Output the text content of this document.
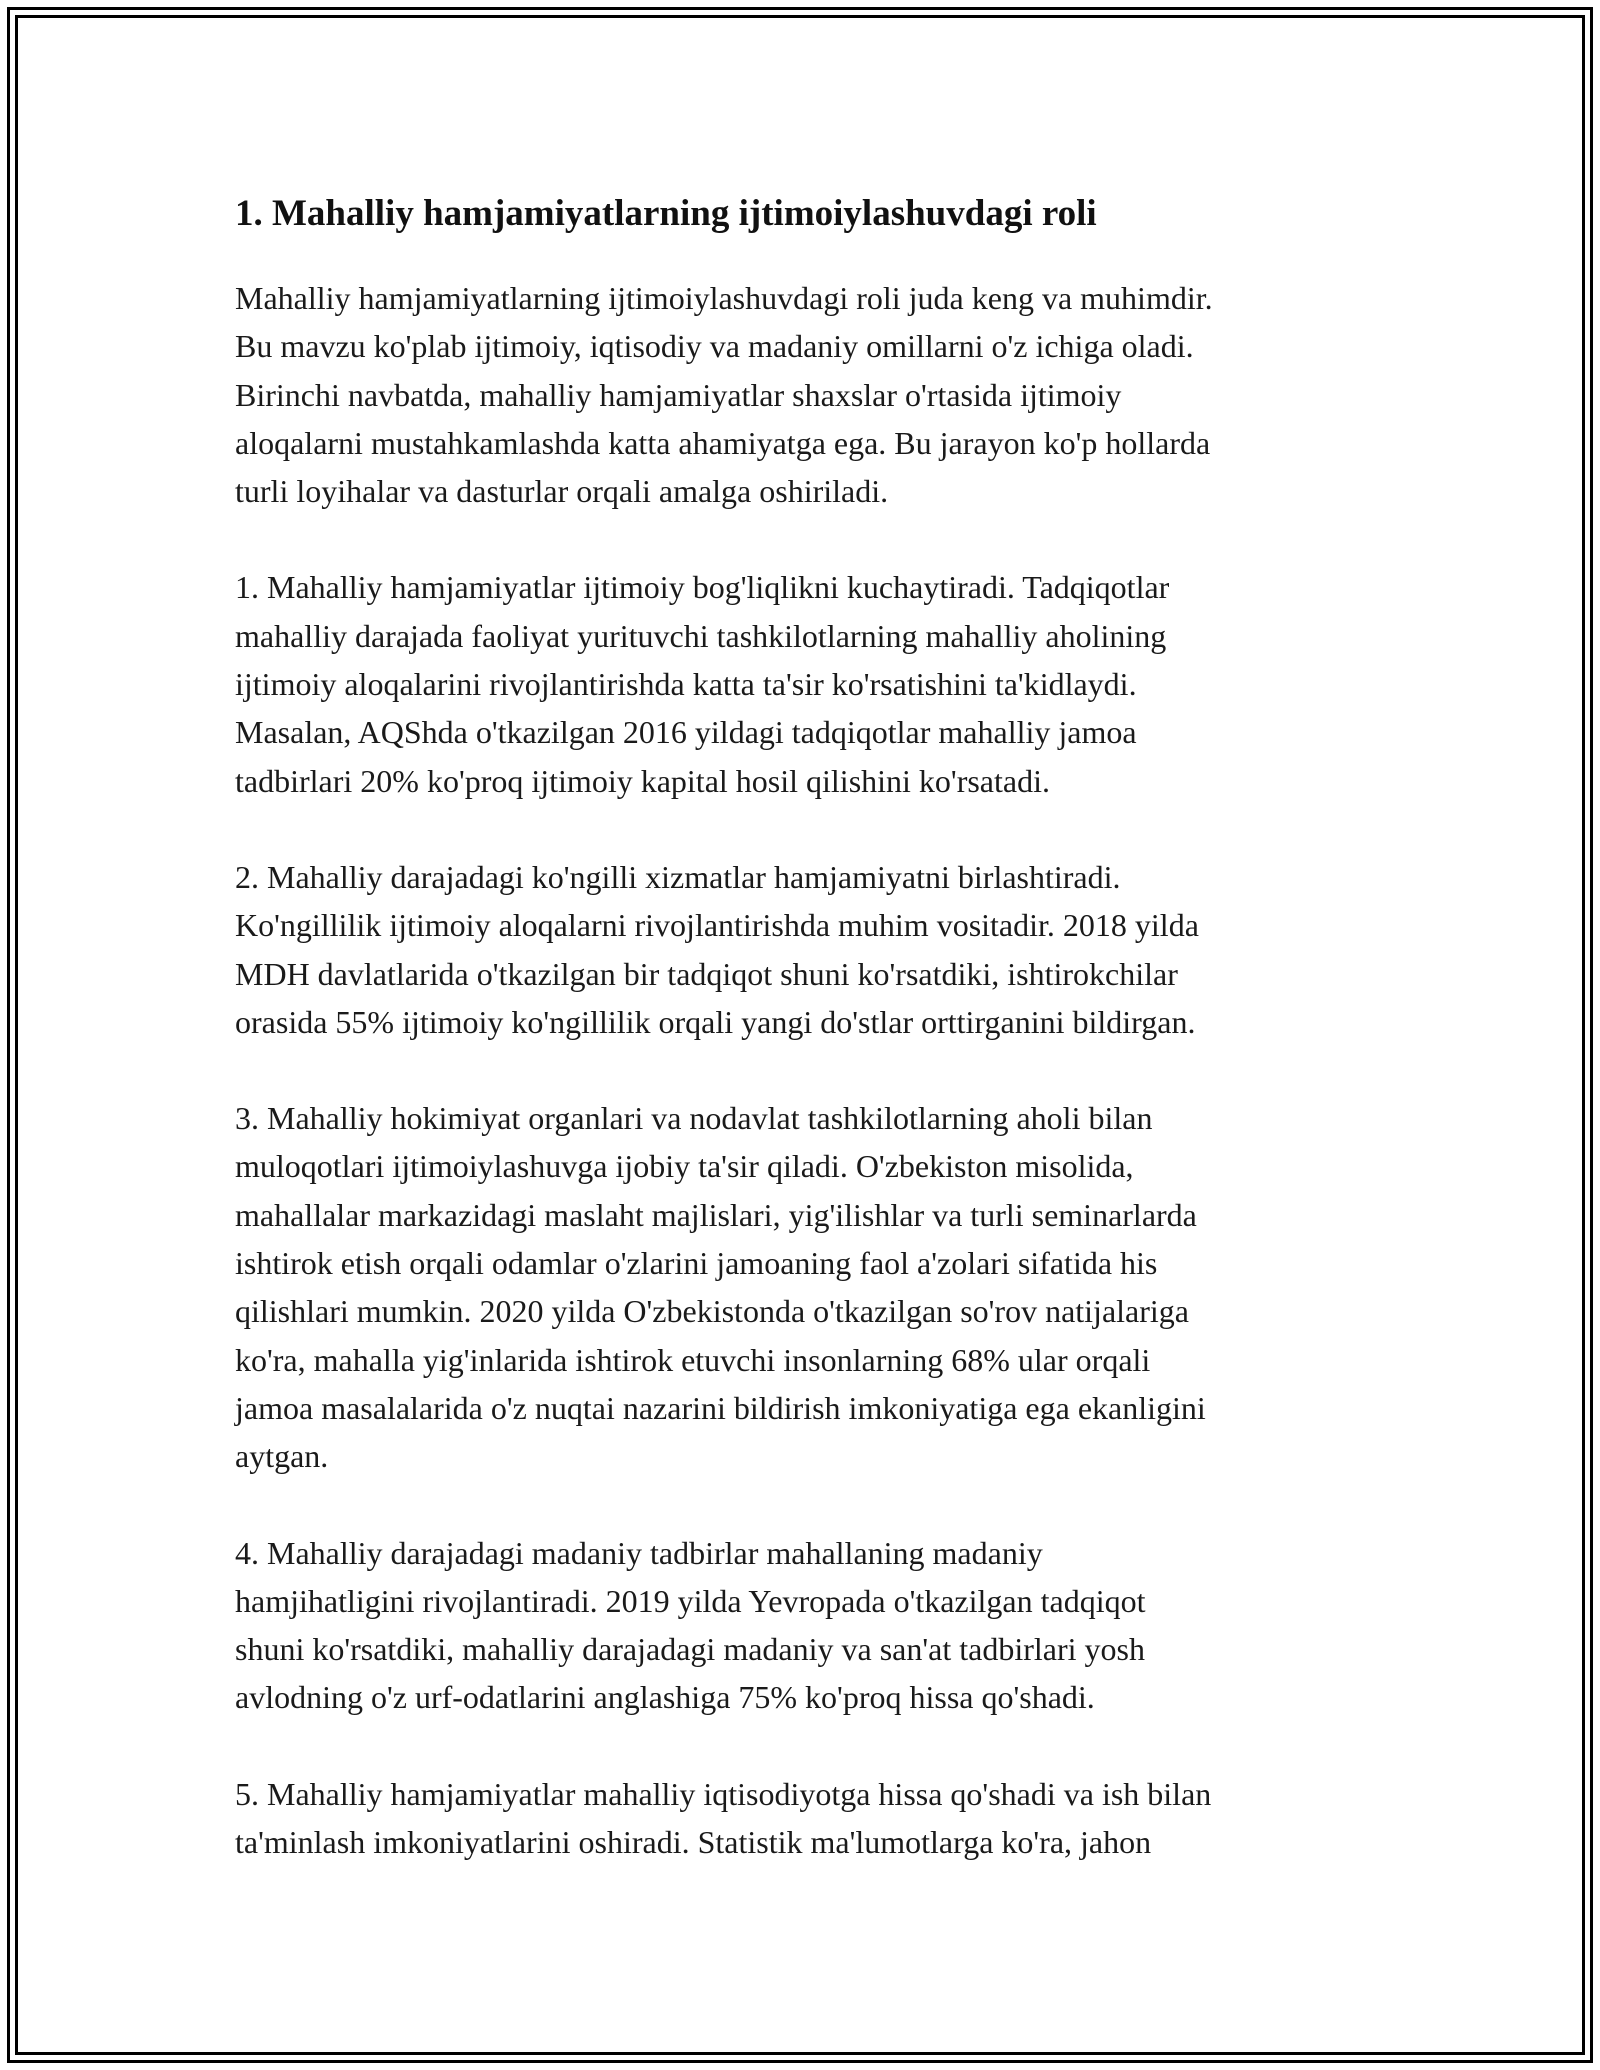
1. Mahalliy hamjamiyatlarning ijtimoiylashuvdagi roli

Mahalliy hamjamiyatlarning ijtimoiylashuvdagi roli juda keng va muhimdir.
Bu mavzu ko'plab ijtimoiy, iqtisodiy va madaniy omillarni o'z ichiga oladi.
Birinchi navbatda, mahalliy hamjamiyatlar shaxslar o'rtasida ijtimoiy
aloqalarni mustahkamlashda katta ahamiyatga ega. Bu jarayon ko'p hollarda
turli loyihalar va dasturlar orqali amalga oshiriladi.

1. Mahalliy hamjamiyatlar ijtimoiy bog'liqlikni kuchaytiradi. Tadqiqotlar
mahalliy darajada faoliyat yurituvchi tashkilotlarning mahalliy aholining
ijtimoiy aloqalarini rivojlantirishda katta ta'sir ko'rsatishini ta'kidlaydi.
Masalan, AQShda o'tkazilgan 2016 yildagi tadqiqotlar mahalliy jamoa
tadbirlari 20% ko'proq ijtimoiy kapital hosil qilishini ko'rsatadi.

2. Mahalliy darajadagi ko'ngilli xizmatlar hamjamiyatni birlashtiradi.
Ko'ngillilik ijtimoiy aloqalarni rivojlantirishda muhim vositadir. 2018 yilda
MDH davlatlarida o'tkazilgan bir tadqiqot shuni ko'rsatdiki, ishtirokchilar
orasida 55% ijtimoiy ko'ngillilik orqali yangi do'stlar orttirganini bildirgan.

3. Mahalliy hokimiyat organlari va nodavlat tashkilotlarning aholi bilan
muloqotlari ijtimoiylashuvga ijobiy ta'sir qiladi. O'zbekiston misolida,
mahallalar markazidagi maslaht majlislari, yig'ilishlar va turli seminarlarda
ishtirok etish orqali odamlar o'zlarini jamoaning faol a'zolari sifatida his
qilishlari mumkin. 2020 yilda O'zbekistonda o'tkazilgan so'rov natijalariga
ko'ra, mahalla yig'inlarida ishtirok etuvchi insonlarning 68% ular orqali
jamoa masalalarida o'z nuqtai nazarini bildirish imkoniyatiga ega ekanligini
aytgan.

4. Mahalliy darajadagi madaniy tadbirlar mahallaning madaniy
hamjihatligini rivojlantiradi. 2019 yilda Yevropada o'tkazilgan tadqiqot
shuni ko'rsatdiki, mahalliy darajadagi madaniy va san'at tadbirlari yosh
avlodning o'z urf-odatlarini anglashiga 75% ko'proq hissa qo'shadi.

5. Mahalliy hamjamiyatlar mahalliy iqtisodiyotga hissa qo'shadi va ish bilan
ta'minlash imkoniyatlarini oshiradi. Statistik ma'lumotlarga ko'ra, jahon
